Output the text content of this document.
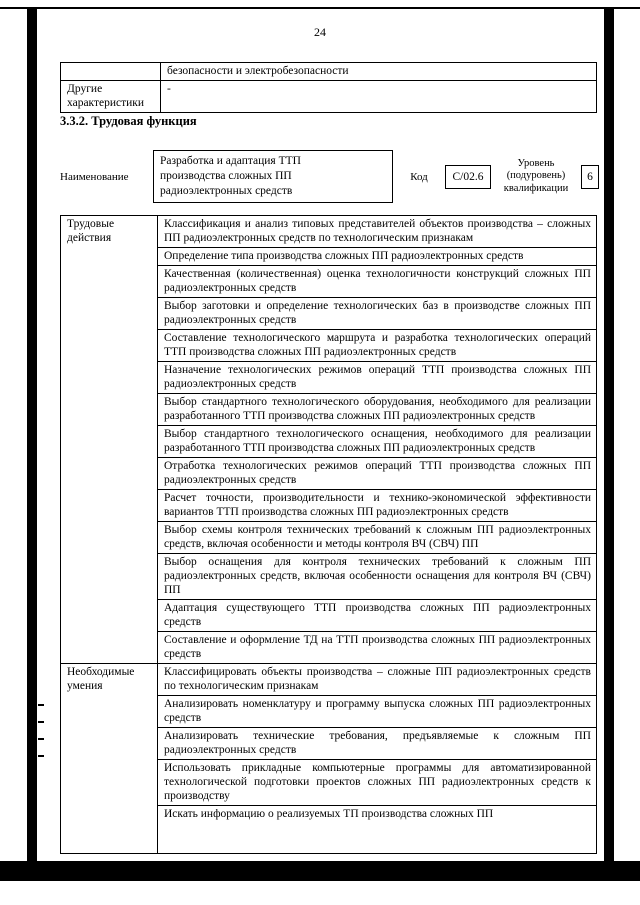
24
	безопасности и электробезопасности
Другие характеристики	-
3.3.2. Трудовая функция
Наименование
Разработка и адаптация ТТП производства сложных ПП радиоэлектронных средств
Код	С/02.6
Уровень (подуровень) квалификации
6
Трудовые действия	Классификация и анализ типовых представителей объектов производства – сложных ПП радиоэлектронных средств по технологическим признакам
	Определение типа производства сложных ПП радиоэлектронных средств
	Качественная (количественная) оценка технологичности конструкций сложных ПП радиоэлектронных средств
	Выбор заготовки и определение технологических баз в производстве сложных ПП радиоэлектронных средств
	Составление технологического маршрута и разработка технологических операций ТТП производства сложных ПП радиоэлектронных средств
	Назначение технологических режимов операций ТТП производства сложных ПП радиоэлектронных средств
	Выбор стандартного технологического оборудования, необходимого для реализации разработанного ТТП производства сложных ПП радиоэлектронных средств
	Выбор стандартного технологического оснащения, необходимого для реализации разработанного ТТП производства сложных ПП радиоэлектронных средств
	Отработка технологических режимов операций ТТП производства сложных ПП радиоэлектронных средств
	Расчет точности, производительности и технико-экономической эффективности вариантов ТТП производства сложных ПП радиоэлектронных средств
	Выбор схемы контроля технических требований к сложным ПП радиоэлектронных средств, включая особенности и методы контроля ВЧ (СВЧ) ПП
	Выбор оснащения для контроля технических требований к сложным ПП радиоэлектронных средств, включая особенности оснащения для контроля ВЧ (СВЧ) ПП
	Адаптация существующего ТТП производства сложных ПП радиоэлектронных средств
	Составление и оформление ТД на ТТП производства сложных ПП радиоэлектронных средств
Необходимые умения	Классифицировать объекты производства – сложные ПП радиоэлектронных средств по технологическим признакам
	Анализировать номенклатуру и программу выпуска сложных ПП радиоэлектронных средств
	Анализировать технические требования, предъявляемые к сложным ПП радиоэлектронных средств
	Использовать прикладные компьютерные программы для автоматизированной технологической подготовки проектов сложных ПП радиоэлектронных средств к производству
	Искать информацию о реализуемых ТП производства сложных ПП
